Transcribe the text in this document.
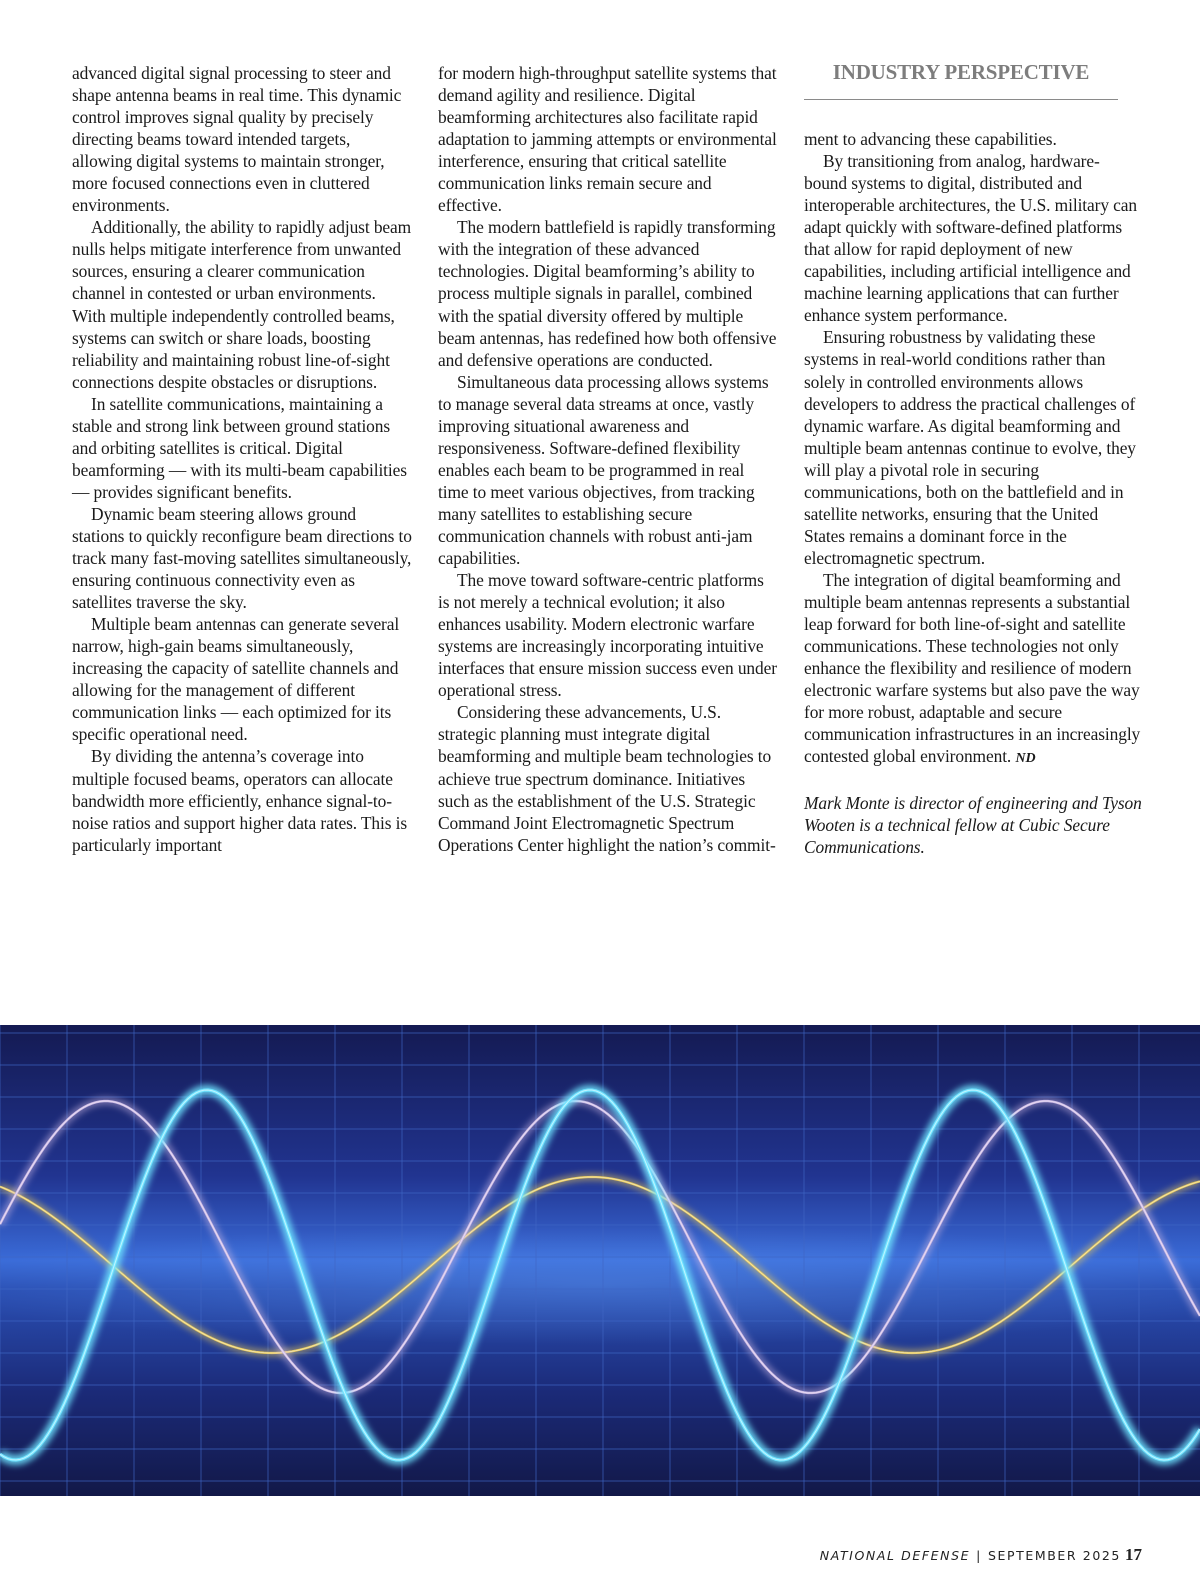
advanced digital signal processing to steer and shape antenna beams in real time. This dynamic control improves signal quality by precisely directing beams toward intended targets, allowing digital systems to maintain stronger, more focused connections even in cluttered environments.

Additionally, the ability to rapidly adjust beam nulls helps mitigate interference from unwanted sources, ensuring a clearer communication channel in contested or urban environments. With multiple independently controlled beams, systems can switch or share loads, boosting reliability and maintaining robust line-of-sight connections despite obstacles or disruptions.

In satellite communications, maintaining a stable and strong link between ground stations and orbiting satellites is critical. Digital beamforming — with its multi-beam capabilities — provides significant benefits.

Dynamic beam steering allows ground stations to quickly reconfigure beam directions to track many fast-moving satellites simultaneously, ensuring continuous connectivity even as satellites traverse the sky.

Multiple beam antennas can generate several narrow, high-gain beams simultaneously, increasing the capacity of satellite channels and allowing for the management of different communication links — each optimized for its specific operational need.

By dividing the antenna’s coverage into multiple focused beams, operators can allocate bandwidth more efficiently, enhance signal-to-noise ratios and support higher data rates. This is particularly important

for modern high-throughput satellite systems that demand agility and resilience. Digital beamforming architectures also facilitate rapid adaptation to jamming attempts or environmental interference, ensuring that critical satellite communication links remain secure and effective.

The modern battlefield is rapidly transforming with the integration of these advanced technologies. Digital beamforming’s ability to process multiple signals in parallel, combined with the spatial diversity offered by multiple beam antennas, has redefined how both offensive and defensive operations are conducted.

Simultaneous data processing allows systems to manage several data streams at once, vastly improving situational awareness and responsiveness. Software-defined flexibility enables each beam to be programmed in real time to meet various objectives, from tracking many satellites to establishing secure communication channels with robust anti-jam capabilities.

The move toward software-centric platforms is not merely a technical evolution; it also enhances usability. Modern electronic warfare systems are increasingly incorporating intuitive interfaces that ensure mission success even under operational stress.

Considering these advancements, U.S. strategic planning must integrate digital beamforming and multiple beam technologies to achieve true spectrum dominance. Initiatives such as the establishment of the U.S. Strategic Command Joint Electromagnetic Spectrum Operations Center highlight the nation’s commit-

INDUSTRY PERSPECTIVE

ment to advancing these capabilities.

By transitioning from analog, hardware-bound systems to digital, distributed and interoperable architectures, the U.S. military can adapt quickly with software-defined platforms that allow for rapid deployment of new capabilities, including artificial intelligence and machine learning applications that can further enhance system performance.

Ensuring robustness by validating these systems in real-world conditions rather than solely in controlled environments allows developers to address the practical challenges of dynamic warfare. As digital beamforming and multiple beam antennas continue to evolve, they will play a pivotal role in securing communications, both on the battlefield and in satellite networks, ensuring that the United States remains a dominant force in the electromagnetic spectrum.

The integration of digital beamforming and multiple beam antennas represents a substantial leap forward for both line-of-sight and satellite communications. These technologies not only enhance the flexibility and resilience of modern electronic warfare systems but also pave the way for more robust, adaptable and secure communication infrastructures in an increasingly contested global environment. ND

Mark Monte is director of engineering and Tyson Wooten is a technical fellow at Cubic Secure Communications.

NATIONAL DEFENSE | SEPTEMBER 2025 17
